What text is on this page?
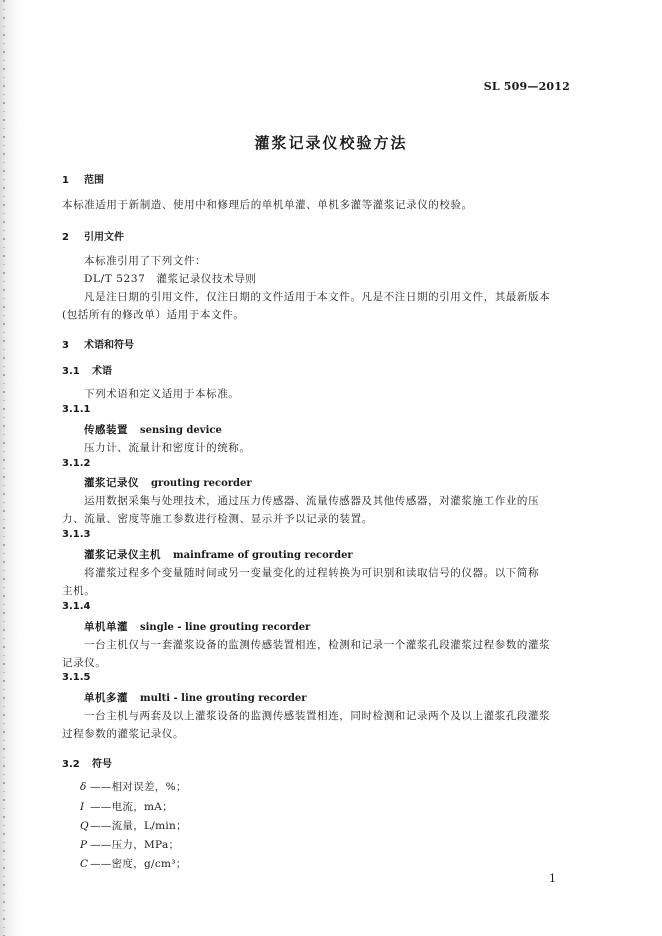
SL 509—2012
灌浆记录仪校验方法
1 范围
本标准适用于新制造、使用中和修理后的单机单灌、单机多灌等灌浆记录仪的校验。
2 引用文件
本标准引用了下列文件：
DL/T 5237　灌浆记录仪技术导则
凡是注日期的引用文件，仅注日期的文件适用于本文件。凡是不注日期的引用文件，其最新版本
(包括所有的修改单）适用于本文件。
3 术语和符号
3.1 术语
下列术语和定义适用于本标准。
3.1.1
传感装置 sensing device
压力计、流量计和密度计的统称。
3.1.2
灌浆记录仪 grouting recorder
运用数据采集与处理技术，通过压力传感器、流量传感器及其他传感器，对灌浆施工作业的压
力、流量、密度等施工参数进行检测、显示并予以记录的装置。
3.1.3
灌浆记录仪主机 mainframe of grouting recorder
将灌浆过程多个变量随时间或另一变量变化的过程转换为可识别和读取信号的仪器。以下简称
主机。
3.1.4
单机单灌 single - line grouting recorder
一台主机仅与一套灌浆设备的监测传感装置相连，检测和记录一个灌浆孔段灌浆过程参数的灌浆
记录仪。
3.1.5
单机多灌 multi - line grouting recorder
一台主机与两套及以上灌浆设备的监测传感装置相连，同时检测和记录两个及以上灌浆孔段灌浆
过程参数的灌浆记录仪。
3.2 符号
δ ——相对误差，%；
I ——电流，mA；
Q——流量，L/min；
P ——压力，MPa；
C ——密度，g/cm³；
1
